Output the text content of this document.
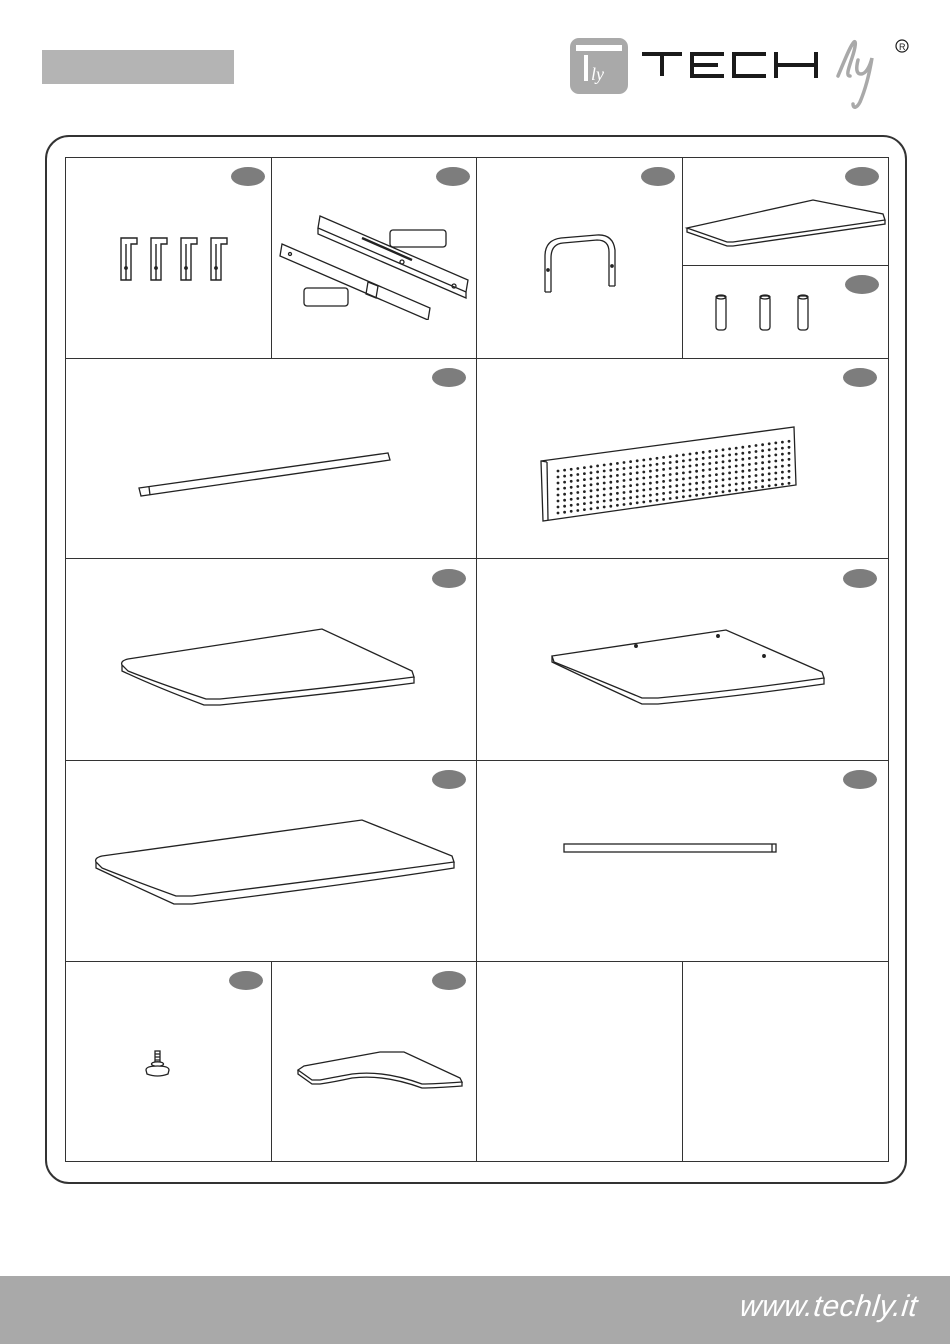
ly
R
www.techly.it
